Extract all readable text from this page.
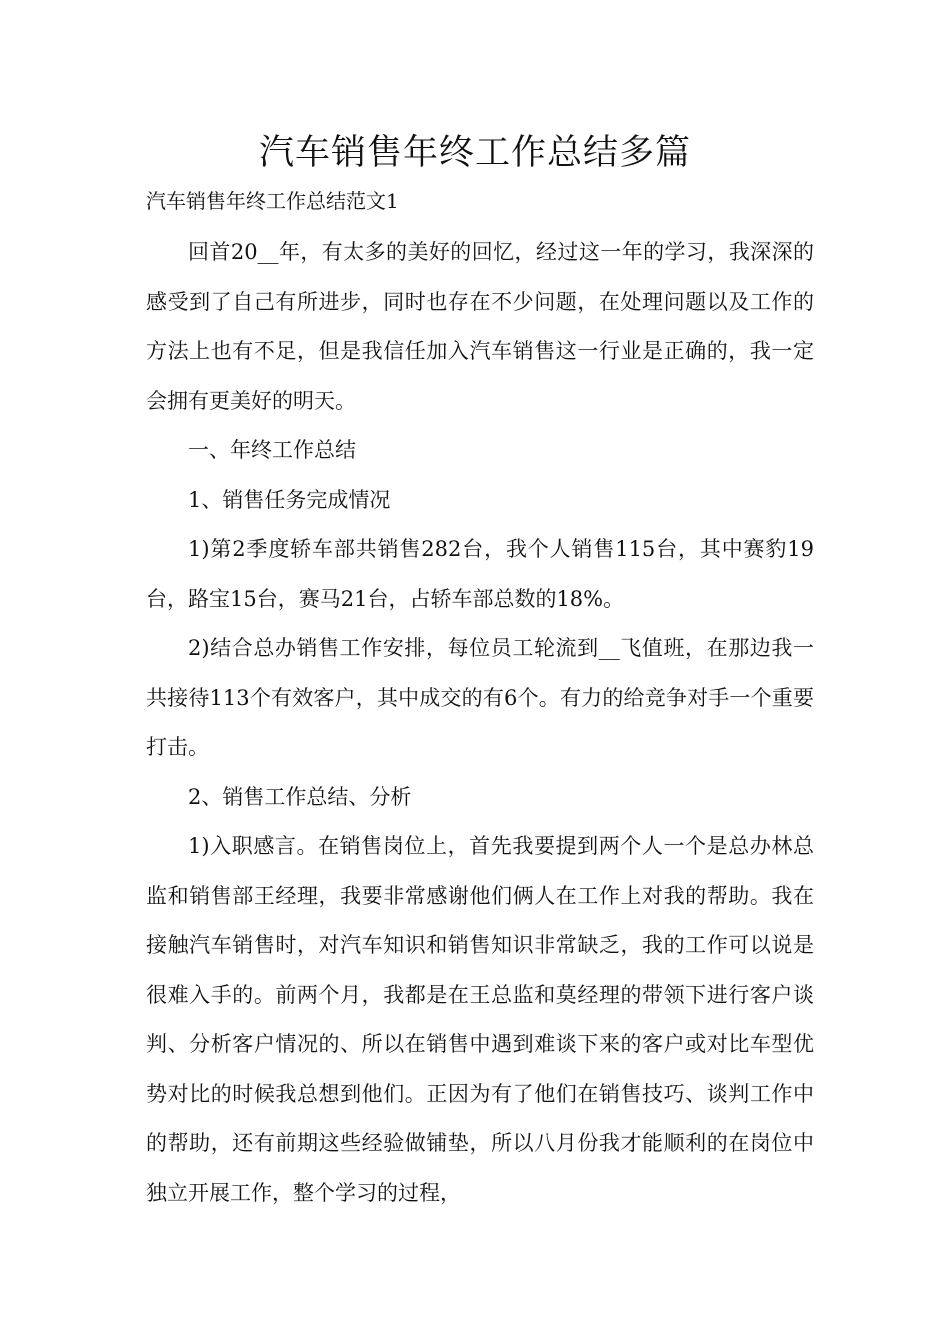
汽车销售年终工作总结多篇

汽车销售年终工作总结范文1

回首20__年，有太多的美好的回忆，经过这一年的学习，我深深的感受到了自己有所进步，同时也存在不少问题，在处理问题以及工作的方法上也有不足，但是我信任加入汽车销售这一行业是正确的，我一定会拥有更美好的明天。

一、年终工作总结

1、销售任务完成情况

1)第2季度轿车部共销售282台，我个人销售115台，其中赛豹19台，路宝15台，赛马21台，占轿车部总数的18%。

2)结合总办销售工作安排，每位员工轮流到__飞值班，在那边我一共接待113个有效客户，其中成交的有6个。有力的给竞争对手一个重要打击。

2、销售工作总结、分析

1)入职感言。在销售岗位上，首先我要提到两个人一个是总办林总监和销售部王经理，我要非常感谢他们俩人在工作上对我的帮助。我在接触汽车销售时，对汽车知识和销售知识非常缺乏，我的工作可以说是很难入手的。前两个月，我都是在王总监和莫经理的带领下进行客户谈判、分析客户情况的、所以在销售中遇到难谈下来的客户或对比车型优势对比的时候我总想到他们。正因为有了他们在销售技巧、谈判工作中的帮助，还有前期这些经验做铺垫，所以八月份我才能顺利的在岗位中独立开展工作，整个学习的过程，
